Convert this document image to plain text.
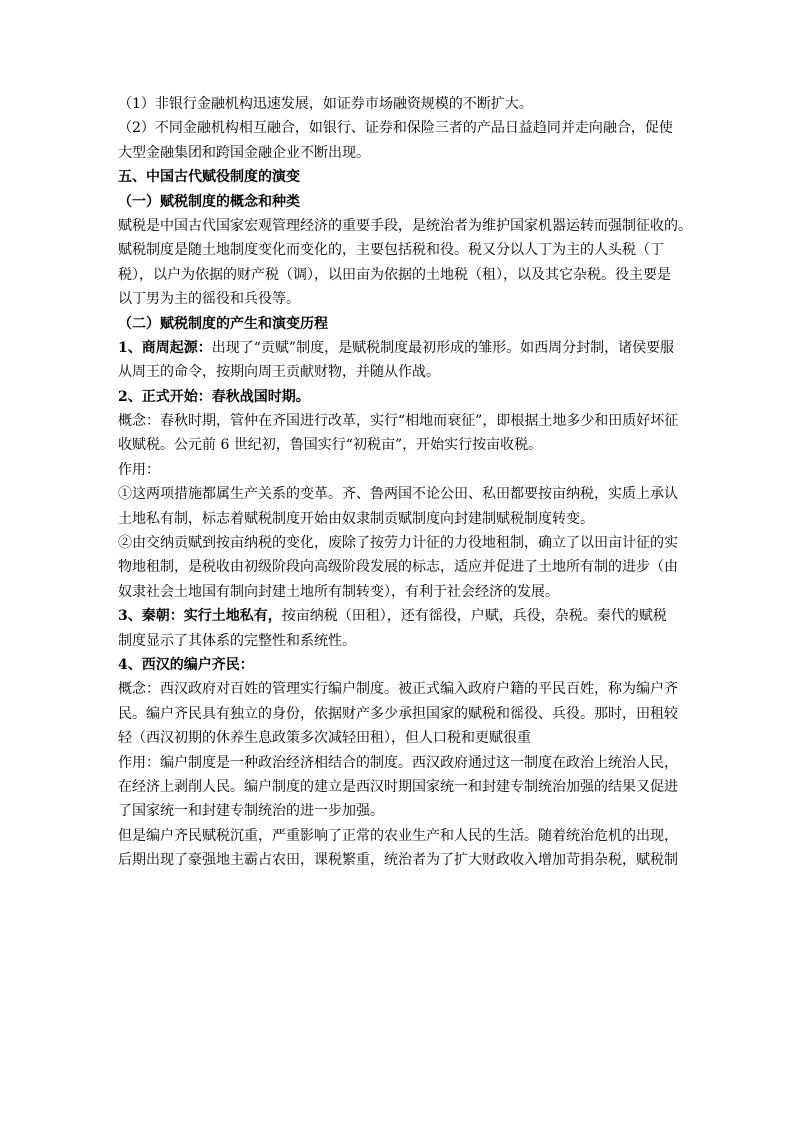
（1）非银行金融机构迅速发展，如证券市场融资规模的不断扩大。
（2）不同金融机构相互融合，如银行、证券和保险三者的产品日益趋同并走向融合，促使
大型金融集团和跨国金融企业不断出现。
五、中国古代赋役制度的演变
（一）赋税制度的概念和种类
赋税是中国古代国家宏观管理经济的重要手段，是统治者为维护国家机器运转而强制征收的。
赋税制度是随土地制度变化而变化的，主要包括税和役。税又分以人丁为主的人头税（丁
税），以户为依据的财产税（调），以田亩为依据的土地税（租），以及其它杂税。役主要是
以丁男为主的徭役和兵役等。
（二）赋税制度的产生和演变历程
1、商周起源：出现了“贡赋”制度，是赋税制度最初形成的雏形。如西周分封制，诸侯要服
从周王的命令，按期向周王贡献财物，并随从作战。
2、正式开始：春秋战国时期。
概念：春秋时期，管仲在齐国进行改革，实行“相地而衰征”，即根据土地多少和田质好坏征
收赋税。公元前 6 世纪初，鲁国实行“初税亩”，开始实行按亩收税。
作用：
①这两项措施都属生产关系的变革。齐、鲁两国不论公田、私田都要按亩纳税，实质上承认
土地私有制，标志着赋税制度开始由奴隶制贡赋制度向封建制赋税制度转变。
②由交纳贡赋到按亩纳税的变化，废除了按劳力计征的力役地租制，确立了以田亩计征的实
物地租制，是税收由初级阶段向高级阶段发展的标志，适应并促进了土地所有制的进步（由
奴隶社会土地国有制向封建土地所有制转变），有利于社会经济的发展。
3、秦朝：实行土地私有，按亩纳税（田租），还有徭役，户赋，兵役，杂税。秦代的赋税
制度显示了其体系的完整性和系统性。
4、西汉的编户齐民：
概念：西汉政府对百姓的管理实行编户制度。被正式编入政府户籍的平民百姓，称为编户齐
民。编户齐民具有独立的身份，依据财产多少承担国家的赋税和徭役、兵役。那时，田租较
轻（西汉初期的休养生息政策多次减轻田租），但人口税和更赋很重
作用：编户制度是一种政治经济相结合的制度。西汉政府通过这一制度在政治上统治人民，
在经济上剥削人民。编户制度的建立是西汉时期国家统一和封建专制统治加强的结果又促进
了国家统一和封建专制统治的进一步加强。
但是编户齐民赋税沉重，严重影响了正常的农业生产和人民的生活。随着统治危机的出现，
后期出现了豪强地主霸占农田，课税繁重，统治者为了扩大财政收入增加苛捐杂税，赋税制
